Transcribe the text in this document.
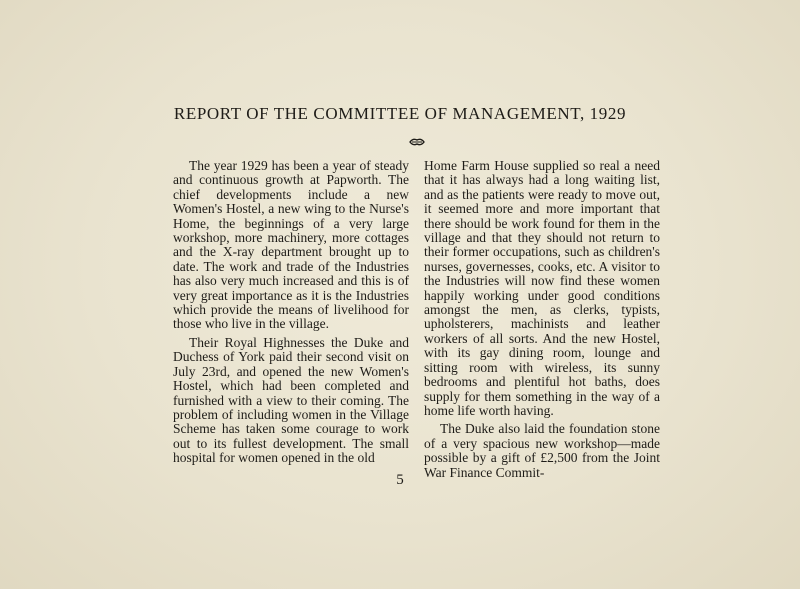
REPORT OF THE COMMITTEE OF MANAGEMENT, 1929

The year 1929 has been a year of steady and continuous growth at Papworth. The chief developments include a new Women's Hostel, a new wing to the Nurse's Home, the beginnings of a very large workshop, more machinery, more cottages and the X-ray department brought up to date. The work and trade of the Industries has also very much increased and this is of very great importance as it is the Industries which provide the means of livelihood for those who live in the village.

Their Royal Highnesses the Duke and Duchess of York paid their second visit on July 23rd, and opened the new Women's Hostel, which had been completed and furnished with a view to their coming. The problem of including women in the Village Scheme has taken some courage to work out to its fullest development. The small hospital for women opened in the old

Home Farm House supplied so real a need that it has always had a long waiting list, and as the patients were ready to move out, it seemed more and more important that there should be work found for them in the village and that they should not return to their former occupations, such as children's nurses, governesses, cooks, etc. A visitor to the Industries will now find these women happily working under good conditions amongst the men, as clerks, typists, upholsterers, machinists and leather workers of all sorts. And the new Hostel, with its gay dining room, lounge and sitting room with wireless, its sunny bedrooms and plentiful hot baths, does supply for them something in the way of a home life worth having.

The Duke also laid the foundation stone of a very spacious new workshop—made possible by a gift of £2,500 from the Joint War Finance Commit-

5
